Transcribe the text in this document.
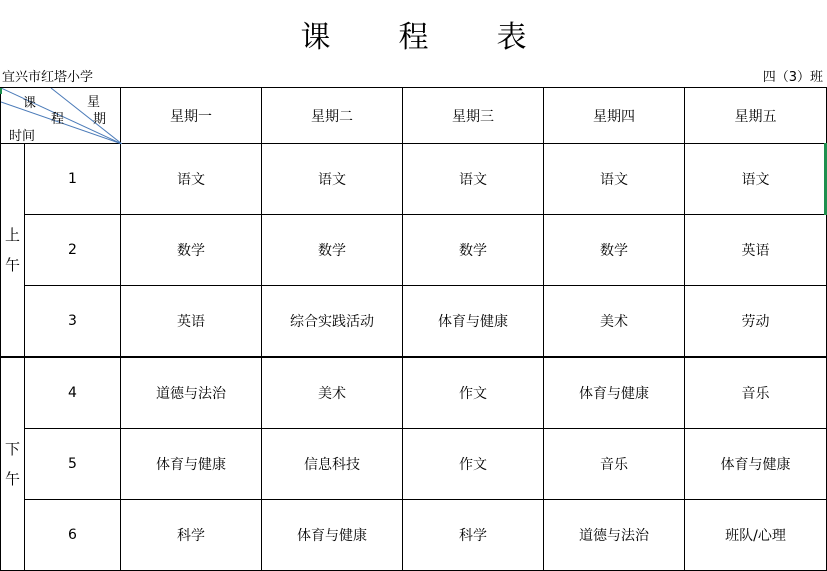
课 程 表
宜兴市红塔小学	四（3）班
课
程
星
期
时间		星期一	星期二	星期三	星期四	星期五

上
午	1	语文	语文	语文	语文	语文
	2	数学	数学	数学	数学	英语
	3	英语	综合实践活动	体育与健康	美术	劳动

下
午	4	道德与法治	美术	作文	体育与健康	音乐
	5	体育与健康	信息科技	作文	音乐	体育与健康
	6	科学	体育与健康	科学	道德与法治	班队/心理
